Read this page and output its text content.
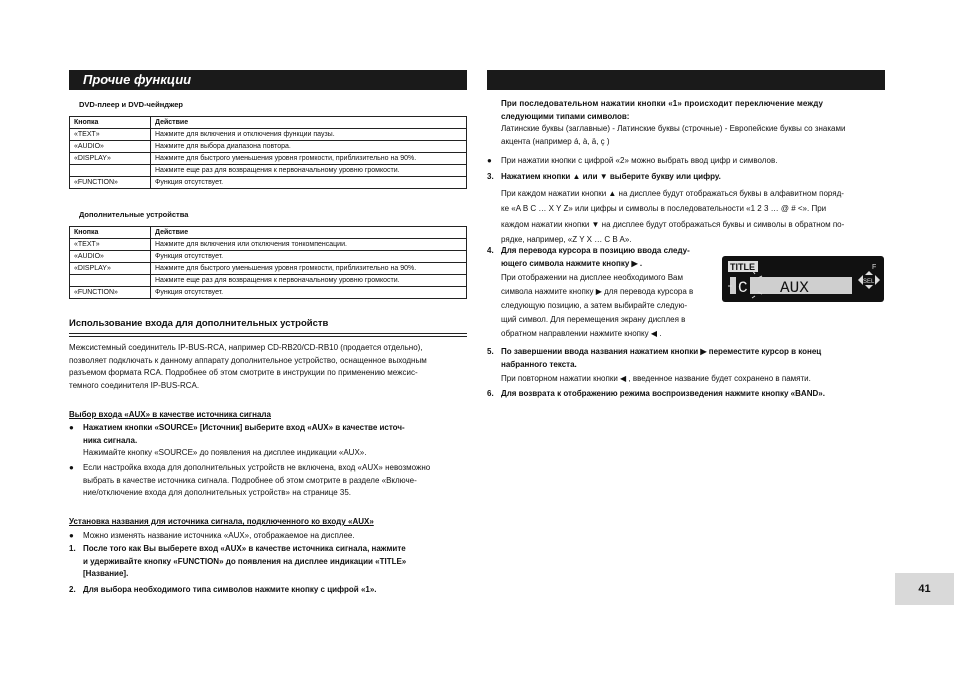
Прочие функции
DVD-плеер и DVD-чейнджер
Кнопка	Действие
«TEXT»	Нажмите для включения и отключения функции паузы.
«AUDIO»	Нажмите для выбора диапазона повтора.
«DISPLAY»	Нажмите для быстрого уменьшения уровня громкости, приблизительно на 90%.
	Нажмите еще раз для возвращения к первоначальному уровню громкости.
«FUNCTION»	Функция отсутствует.
Дополнительные устройства
Кнопка	Действие
«TEXT»	Нажмите для включения или отключения тонкомпенсации.
«AUDIO»	Функция отсутствует.
«DISPLAY»	Нажмите для быстрого уменьшения уровня громкости, приблизительно на 90%.
	Нажмите еще раз для возвращения к первоначальному уровню громкости.
«FUNCTION»	Функция отсутствует.
Использование входа для дополнительных устройств
Межсистемный соединитель IP-BUS-RCA, например CD-RB20/CD-RB10 (продается отдельно),
позволяет подключать к данному аппарату дополнительное устройство, оснащенное выходным
разъемом формата RCA. Подробнее об этом смотрите в инструкции по применению межсис-
темного соединителя IP-BUS-RCA.
Выбор входа «AUX» в качестве источника сигнала
● Нажатием кнопки «SOURCE» [Источник] выберите вход «AUX» в качестве источ-
ника сигнала.
Нажимайте кнопку «SOURCE» до появления на дисплее индикации «AUX».
● Если настройка входа для дополнительных устройств не включена, вход «AUX» невозможно
выбрать в качестве источника сигнала. Подробнее об этом смотрите в разделе «Включе-
ние/отключение входа для дополнительных устройств» на странице 35.
Установка названия для источника сигнала, подключенного ко входу «AUX»
● Можно изменять название источника «AUX», отображаемое на дисплее.
1. После того как Вы выберете вход «AUX» в качестве источника сигнала, нажмите
и удерживайте кнопку «FUNCTION» до появления на дисплее индикации «TITLE»
[Название].
2. Для выбора необходимого типа символов нажмите кнопку с цифрой «1».
При последовательном нажатии кнопки «1» происходит переключение между
следующими типами символов:
Латинские буквы (заглавные) - Латинские буквы (строчные) - Европейские буквы со знаками
акцента (например á, à, ä, ç )
● При нажатии кнопки с цифрой «2» можно выбрать ввод цифр и символов.
3. Нажатием кнопки ▲ или ▼ выберите букву или цифру.
При каждом нажатии кнопки ▲ на дисплее будут отображаться буквы в алфавитном поряд-
ке «A B C … X Y Z» или цифры и символы в последовательности «1 2 3 … @ # <». При
каждом нажатии кнопки ▼ на дисплее будут отображаться буквы и символы в обратном по-
рядке, например, «Z Y X … C B A».
4. Для перевода курсора в позицию ввода следу-
ющего символа нажмите кнопку ▶ .
При отображении на дисплее необходимого Вам
символа нажмите кнопку ▶ для перевода курсора в
следующую позицию, а затем выбирайте следую-
щий символ. Для перемещения экрану дисплея в
обратном направлении нажмите кнопку ◀ .
TITLE
C AUX
F
SEL
5. По завершении ввода названия нажатием кнопки ▶ переместите курсор в конец
набранного текста.
При повторном нажатии кнопки ◀ , введенное название будет сохранено в памяти.
6. Для возврата к отображению режима воспроизведения нажмите кнопку «BAND».
41
